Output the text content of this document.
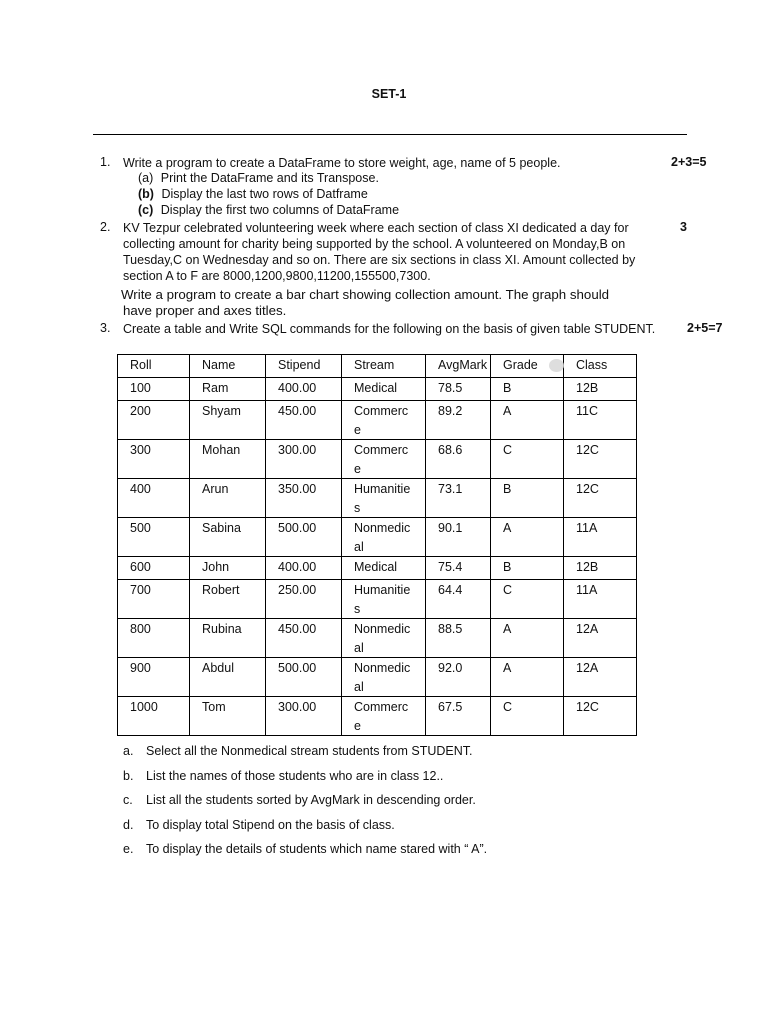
SET-1
1. Write a program to create a DataFrame to store weight, age, name of 5 people.	2+3=5
(a) Print the DataFrame and its Transpose.
(b) Display the last two rows of Datframe
(c) Display the first two columns of DataFrame
2. KV Tezpur celebrated volunteering week where each section of class XI dedicated a day for
collecting amount for charity being supported by the school. A volunteered on Monday,B on
Tuesday,C on Wednesday and so on. There are six sections in class XI. Amount collected by
section A to F are 8000,1200,9800,11200,155500,7300.
3
Write a program to create a bar chart showing collection amount. The graph should
have proper and axes titles.
3. Create a table and Write SQL commands for the following on the basis of given table STUDENT.	2+5=7
Roll	Name	Stipend	Stream	AvgMark	Grade	Class
100	Ram	400.00	Medical	78.5	B	12B
200	Shyam	450.00	Commerc
e	89.2	A	11C
300	Mohan	300.00	Commerc
e	68.6	C	12C
400	Arun	350.00	Humanitie
s	73.1	B	12C
500	Sabina	500.00	Nonmedic
al	90.1	A	11A
600	John	400.00	Medical	75.4	B	12B
700	Robert	250.00	Humanitie
s	64.4	C	11A
800	Rubina	450.00	Nonmedic
al	88.5	A	12A
900	Abdul	500.00	Nonmedic
al	92.0	A	12A
1000	Tom	300.00	Commerc
e	67.5	C	12C
a. Select all the Nonmedical stream students from STUDENT.
b. List the names of those students who are in class 12..
c. List all the students sorted by AvgMark in descending order.
d. To display total Stipend on the basis of class.
e. To display the details of students which name stared with “ A”.
